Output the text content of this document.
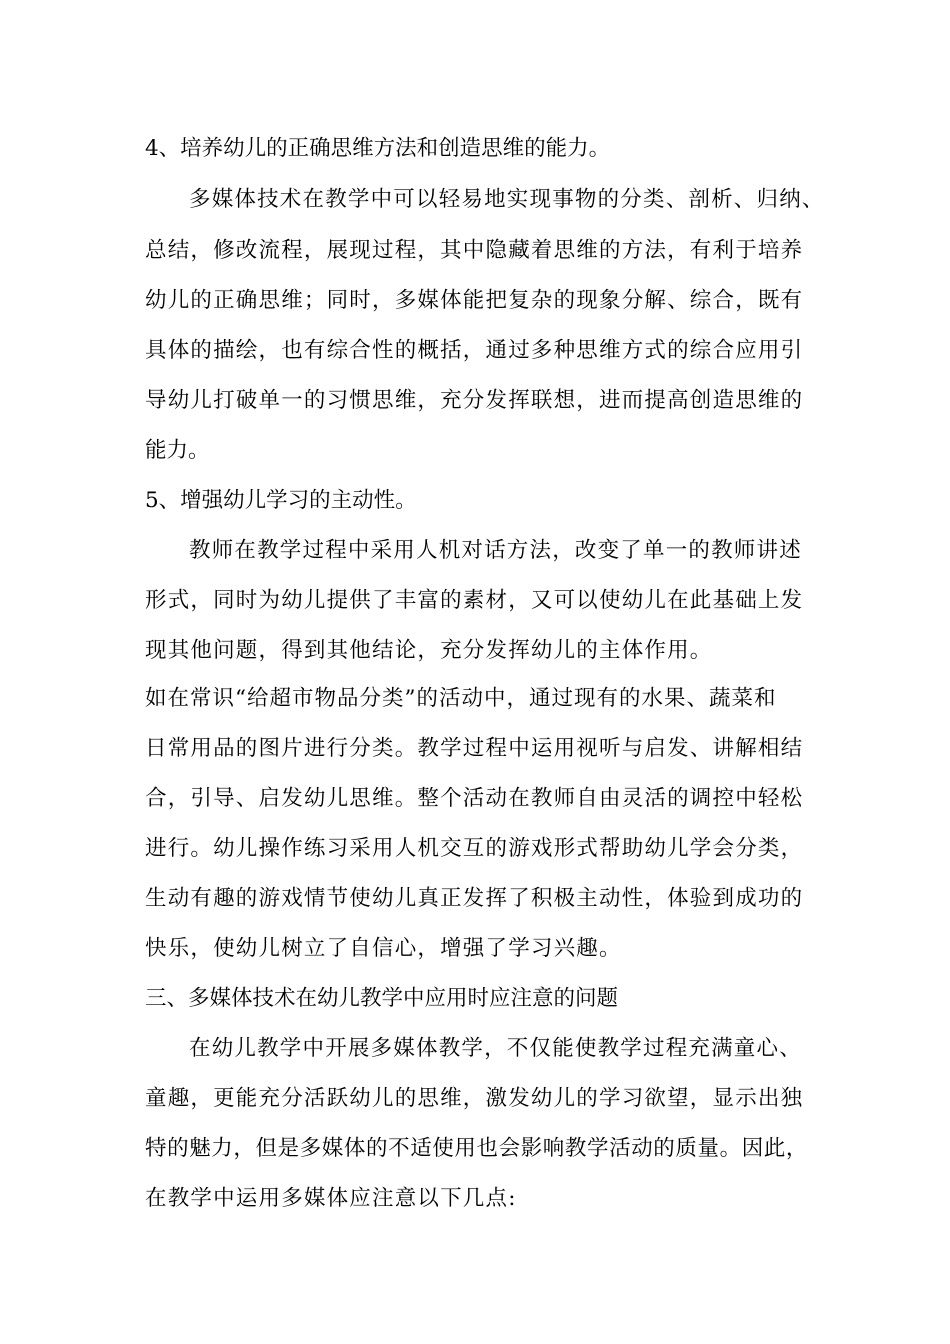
4、培养幼儿的正确思维方法和创造思维的能力。

多媒体技术在教学中可以轻易地实现事物的分类、剖析、归纳、

总结，修改流程，展现过程，其中隐藏着思维的方法，有利于培养

幼儿的正确思维；同时，多媒体能把复杂的现象分解、综合，既有

具体的描绘，也有综合性的概括，通过多种思维方式的综合应用引

导幼儿打破单一的习惯思维，充分发挥联想，进而提高创造思维的

能力。

5、增强幼儿学习的主动性。

教师在教学过程中采用人机对话方法，改变了单一的教师讲述

形式，同时为幼儿提供了丰富的素材，又可以使幼儿在此基础上发

现其他问题，得到其他结论，充分发挥幼儿的主体作用。

如在常识“给超市物品分类”的活动中，通过现有的水果、蔬菜和

日常用品的图片进行分类。教学过程中运用视听与启发、讲解相结

合，引导、启发幼儿思维。整个活动在教师自由灵活的调控中轻松

进行。幼儿操作练习采用人机交互的游戏形式帮助幼儿学会分类，

生动有趣的游戏情节使幼儿真正发挥了积极主动性，体验到成功的

快乐，使幼儿树立了自信心，增强了学习兴趣。

三、多媒体技术在幼儿教学中应用时应注意的问题

在幼儿教学中开展多媒体教学，不仅能使教学过程充满童心、

童趣，更能充分活跃幼儿的思维，激发幼儿的学习欲望，显示出独

特的魅力，但是多媒体的不适使用也会影响教学活动的质量。因此，

在教学中运用多媒体应注意以下几点:
